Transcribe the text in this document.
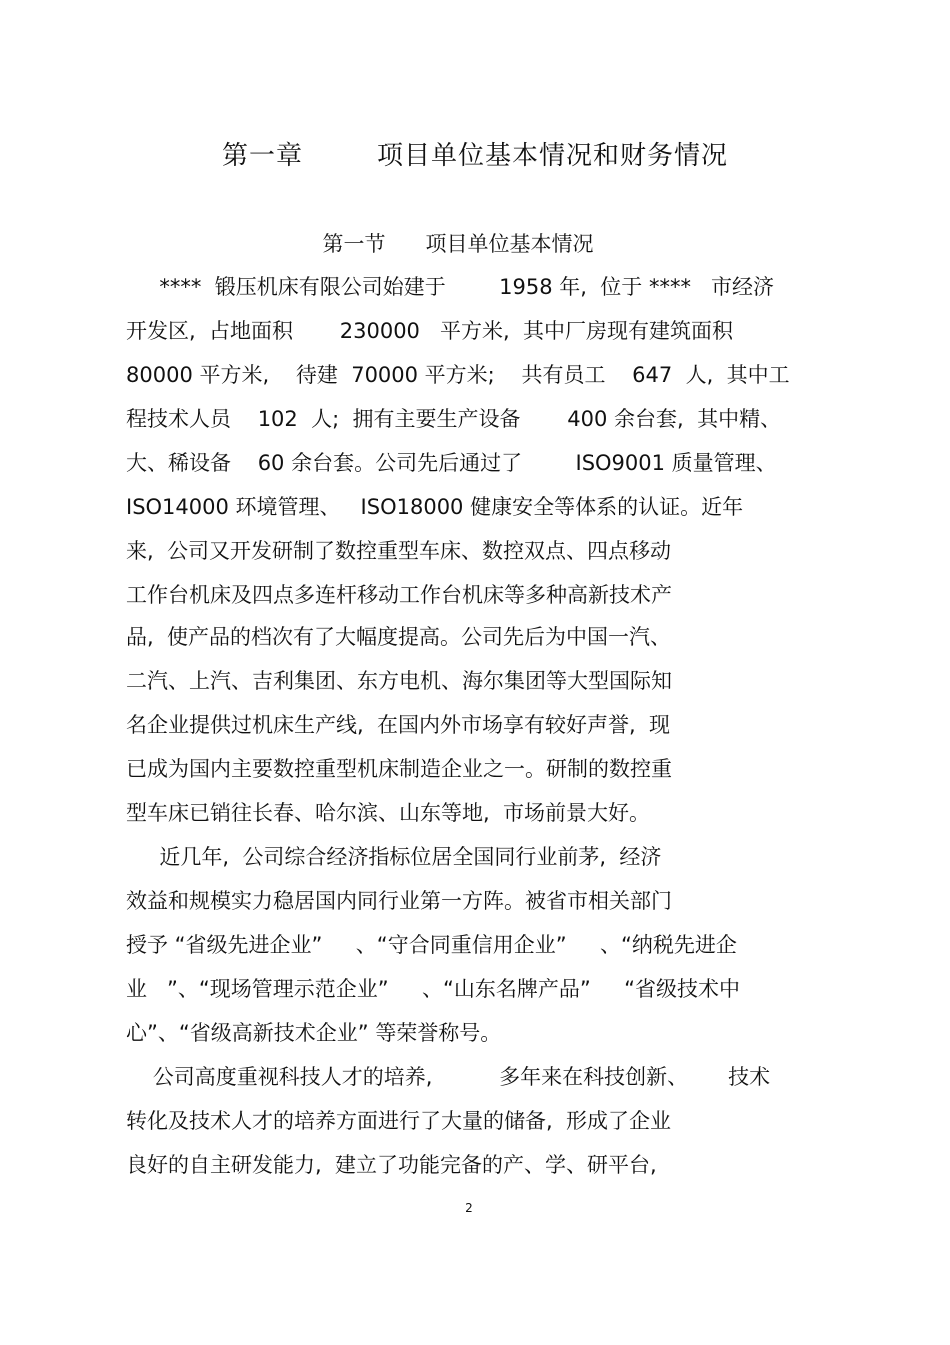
第一章        项目单位基本情况和财务情况
第一节      项目单位基本情况
****  锻压机床有限公司始建于        1958 年,  位于 ****   市经济
开发区,  占地面积       230000   平方米,  其中厂房现有建筑面积
80000 平方米,    待建  70000 平方米;    共有员工    647  人,  其中工
程技术人员    102  人;  拥有主要生产设备       400 余台套,  其中精、
大、稀设备    60 余台套。公司先后通过了        ISO9001 质量管理、
ISO14000 环境管理、   ISO18000 健康安全等体系的认证。近年
来,  公司又开发研制了数控重型车床、数控双点、四点移动
工作台机床及四点多连杆移动工作台机床等多种高新技术产
品,  使产品的档次有了大幅度提高。公司先后为中国一汽、
二汽、上汽、吉利集团、东方电机、海尔集团等大型国际知
名企业提供过机床生产线,  在国内外市场享有较好声誉,  现
已成为国内主要数控重型机床制造企业之一。研制的数控重
型车床已销往长春、哈尔滨、山东等地,  市场前景大好。
近几年,  公司综合经济指标位居全国同行业前茅,  经济
效益和规模实力稳居国内同行业第一方阵。被省市相关部门
授予 “省级先进企业”     、“守合同重信用企业”     、“纳税先进企
业   ”、“现场管理示范企业”     、“山东名牌产品”     “省级技术中
心”、“省级高新技术企业” 等荣誉称号。
公司高度重视科技人才的培养,          多年来在科技创新、      技术
转化及技术人才的培养方面进行了大量的储备,  形成了企业
良好的自主研发能力,  建立了功能完备的产、学、研平台,
2
